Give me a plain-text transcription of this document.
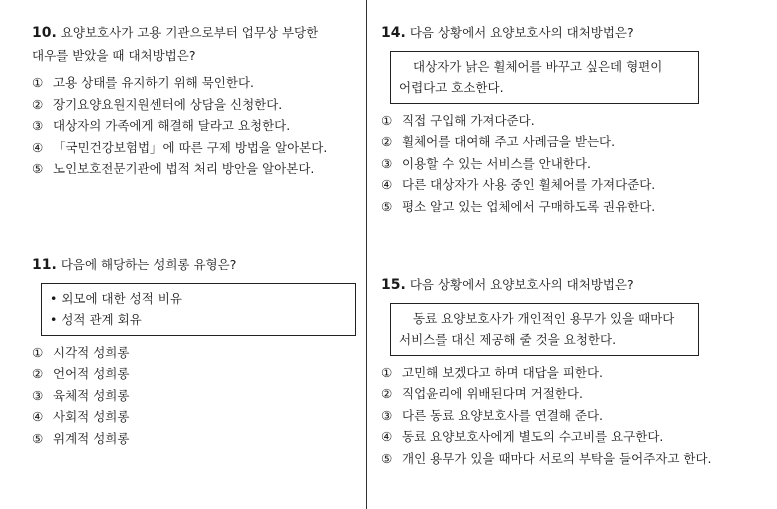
10. 요양보호사가 고용 기관으로부터 업무상 부당한
대우를 받았을 때 대처방법은?

① 고용 상태를 유지하기 위해 묵인한다.
② 장기요양요원지원센터에 상담을 신청한다.
③ 대상자의 가족에게 해결해 달라고 요청한다.
④ 「국민건강보험법」에 따른 구제 방법을 알아본다.
⑤ 노인보호전문기관에 법적 처리 방안을 알아본다.

11. 다음에 해당하는 성희롱 유형은?

• 외모에 대한 성적 비유
• 성적 관계 회유
① 시각적 성희롱
② 언어적 성희롱
③ 육체적 성희롱
④ 사회적 성희롱
⑤ 위계적 성희롱

14. 다음 상황에서 요양보호사의 대처방법은?

대상자가 낡은 휠체어를 바꾸고 싶은데 형편이
어렵다고 호소한다.
① 직접 구입해 가져다준다.
② 휠체어를 대여해 주고 사례금을 받는다.
③ 이용할 수 있는 서비스를 안내한다.
④ 다른 대상자가 사용 중인 휠체어를 가져다준다.
⑤ 평소 알고 있는 업체에서 구매하도록 권유한다.

15. 다음 상황에서 요양보호사의 대처방법은?

동료 요양보호사가 개인적인 용무가 있을 때마다
서비스를 대신 제공해 줄 것을 요청한다.
① 고민해 보겠다고 하며 대답을 피한다.
② 직업윤리에 위배된다며 거절한다.
③ 다른 동료 요양보호사를 연결해 준다.
④ 동료 요양보호사에게 별도의 수고비를 요구한다.
⑤ 개인 용무가 있을 때마다 서로의 부탁을 들어주자고 한다.
